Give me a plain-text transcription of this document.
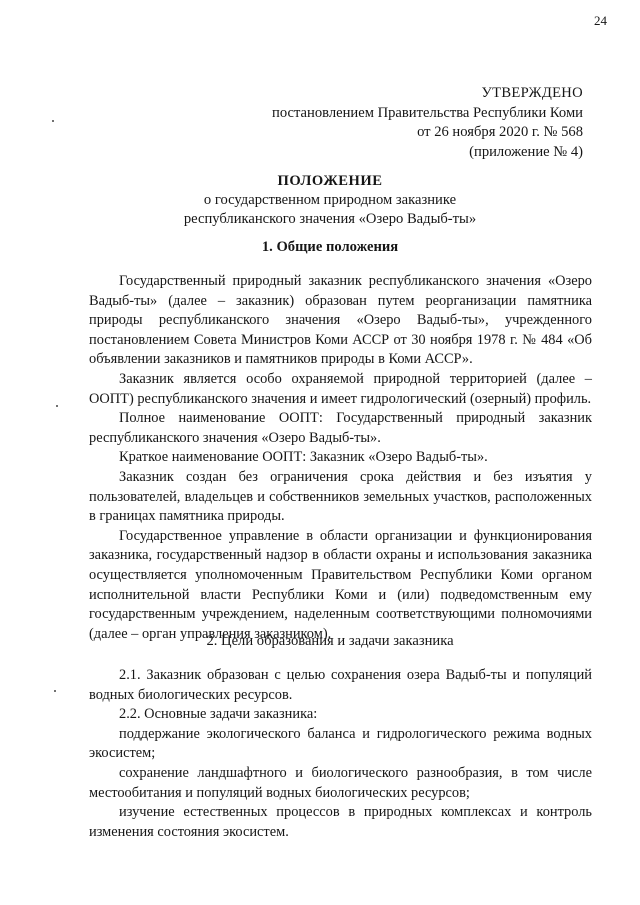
24
УТВЕРЖДЕНО
постановлением Правительства Республики Коми
от 26 ноября 2020 г. № 568
(приложение № 4)
ПОЛОЖЕНИЕ
о государственном природном заказнике
республиканского значения «Озеро Вадыб-ты»
1. Общие положения

Государственный природный заказник республиканского значения «Озеро Вадыб-ты» (далее – заказник) образован путем реорганизации памятника природы республиканского значения «Озеро Вадыб-ты», учрежденного постановлением Совета Министров Коми АССР от 30 ноября 1978 г. № 484 «Об объявлении заказников и памятников природы в Коми АССР».

Заказник является особо охраняемой природной территорией (далее – ООПТ) республиканского значения и имеет гидрологический (озерный) профиль.

Полное наименование ООПТ: Государственный природный заказник республиканского значения «Озеро Вадыб-ты».

Краткое наименование ООПТ: Заказник «Озеро Вадыб-ты».

Заказник создан без ограничения срока действия и без изъятия у пользователей, владельцев и собственников земельных участков, расположенных в границах памятника природы.

Государственное управление в области организации и функционирования заказника, государственный надзор в области охраны и использования заказника осуществляется уполномоченным Правительством Республики Коми органом исполнительной власти Республики Коми и (или) подведомственным ему государственным учреждением, наделенным соответствующими полномочиями (далее – орган управления заказником).

2. Цели образования и задачи заказника

2.1. Заказник образован с целью сохранения озера Вадыб-ты и популяций водных биологических ресурсов.

2.2. Основные задачи заказника:

поддержание экологического баланса и гидрологического режима водных экосистем;

сохранение ландшафтного и биологического разнообразия, в том числе местообитания и популяций водных биологических ресурсов;

изучение естественных процессов в природных комплексах и контроль изменения состояния экосистем.
